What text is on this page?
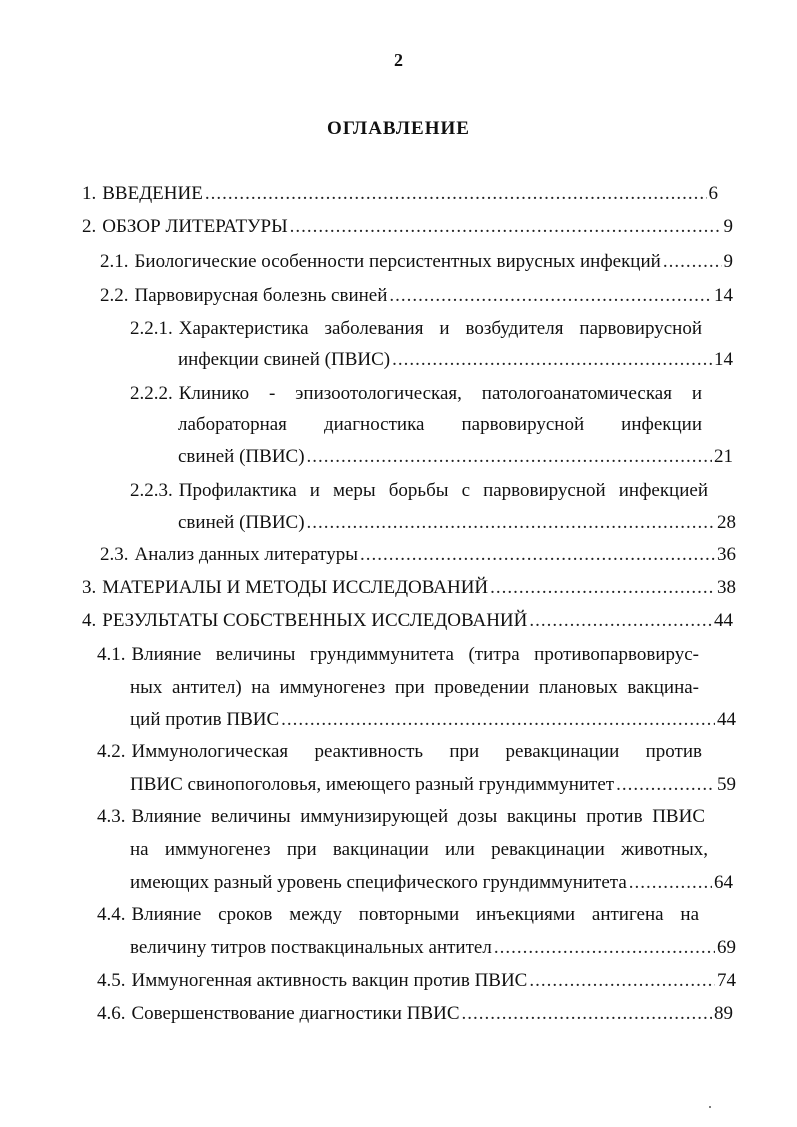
2
ОГЛАВЛЕНИЕ
1. ВВЕДЕНИЕ .....	6
2. ОБЗОР ЛИТЕРАТУРЫ .....	9
2.1. Биологические особенности персистентных вирусных инфекций .....	9
2.2. Парвовирусная болезнь свиней .....	14
2.2.1. Характеристика заболевания и возбудителя парвовирусной
инфекции свиней (ПВИС) .....	14
2.2.2. Клинико - эпизоотологическая, патологоанатомическая и
лабораторная диагностика парвовирусной инфекции
свиней (ПВИС) .....	21
2.2.3. Профилактика и меры борьбы с парвовирусной инфекцией
свиней (ПВИС) .....	28
2.3. Анализ данных литературы .....	36
3. МАТЕРИАЛЫ И МЕТОДЫ ИССЛЕДОВАНИЙ .....	38
4. РЕЗУЛЬТАТЫ СОБСТВЕННЫХ ИССЛЕДОВАНИЙ .....	44
4.1. Влияние величины грундиммунитета (титра противопарвовирус-
ных антител) на иммуногенез при проведении плановых вакцина-
ций против ПВИС .....	44
4.2. Иммунологическая реактивность при ревакцинации против
ПВИС свинопоголовья, имеющего разный грундиммунитет .....	59
4.3. Влияние величины иммунизирующей дозы вакцины против ПВИС
на иммуногенез при вакцинации или ревакцинации животных,
имеющих разный уровень специфического грундиммунитета .....	64
4.4. Влияние сроков между повторными инъекциями антигена на
величину титров поствакцинальных антител .....	69
4.5. Иммуногенная активность вакцин против ПВИС .....	74
4.6. Совершенствование диагностики ПВИС .....	89
